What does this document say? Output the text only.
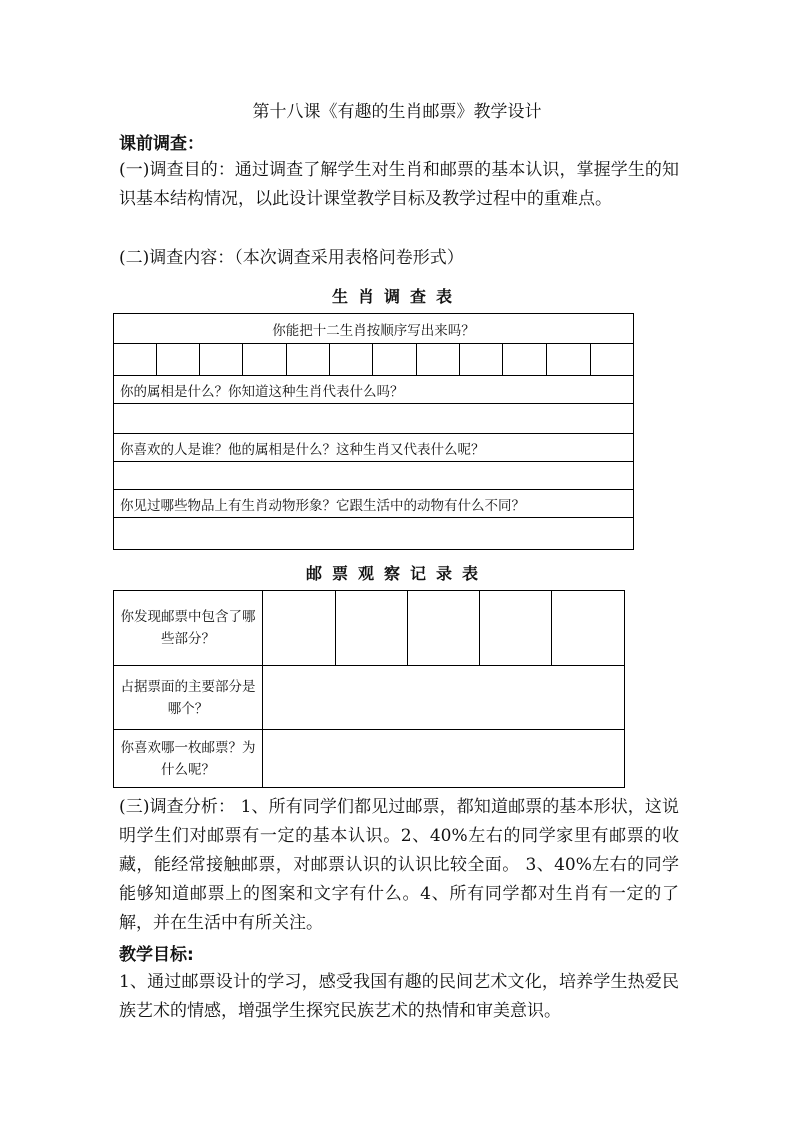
第十八课《有趣的生肖邮票》教学设计
课前调查：
(一)调查目的：通过调查了解学生对生肖和邮票的基本认识，掌握学生的知识基本结构情况，以此设计课堂教学目标及教学过程中的重难点。
(二)调查内容：（本次调查采用表格问卷形式）
生肖调查表
你能把十二生肖按顺序写出来吗？

你的属相是什么？你知道这种生肖代表什么吗？

你喜欢的人是谁？他的属相是什么？这种生肖又代表什么呢？

你见过哪些物品上有生肖动物形象？它跟生活中的动物有什么不同？

邮票观察记录表
你发现邮票中包含了哪些部分？					
占据票面的主要部分是哪个？					
你喜欢哪一枚邮票？为什么呢？					
(三)调查分析： 1、所有同学们都见过邮票，都知道邮票的基本形状，这说明学生们对邮票有一定的基本认识。2、40%左右的同学家里有邮票的收藏，能经常接触邮票，对邮票认识的认识比较全面。 3、40%左右的同学能够知道邮票上的图案和文字有什么。4、所有同学都对生肖有一定的了解，并在生活中有所关注。
教学目标:
1、通过邮票设计的学习，感受我国有趣的民间艺术文化，培养学生热爱民族艺术的情感，增强学生探究民族艺术的热情和审美意识。
